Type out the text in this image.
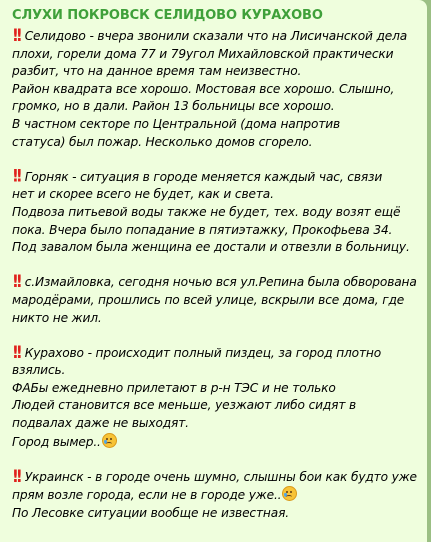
СЛУХИ ПОКРОВСК СЕЛИДОВО КУРАХОВО

!! Селидово - вчера звонили сказали что на Лисичанской дела
плохи, горели дома 77 и 79угол Михайловской практически
разбит, что на данное время там неизвестно.
Район квадрата все хорошо. Мостовая все хорошо. Слышно,
громко, но в дали. Район 13 больницы все хорошо.
В частном секторе по Центральной (дома напротив
статуса) был пожар. Несколько домов сгорело.

!! Горняк - ситуация в городе меняется каждый час, связи
нет и скорее всего не будет, как и света.
Подвоза питьевой воды также не будет, тех. воду возят ещё
пока. Вчера было попадание в пятиэтажку, Прокофьева 34.
Под завалом была женщина ее достали и отвезли в больницу.

!! с.Измайловка, сегодня ночью вся ул.Репина была обворована
мародёрами, прошлись по всей улице, вскрыли все дома, где
никто не жил.

!! Курахово - происходит полный пиздец, за город плотно
взялись.
ФАБы ежедневно прилетают в р-н ТЭС и не только
Людей становится все меньше, уезжают либо сидят в
подвалах даже не выходят.
Город вымер..

!! Украинск - в городе очень шумно, слышны бои как будто уже
прям возле города, если не в городе уже..
По Лесовке ситуации вообще не известная.
